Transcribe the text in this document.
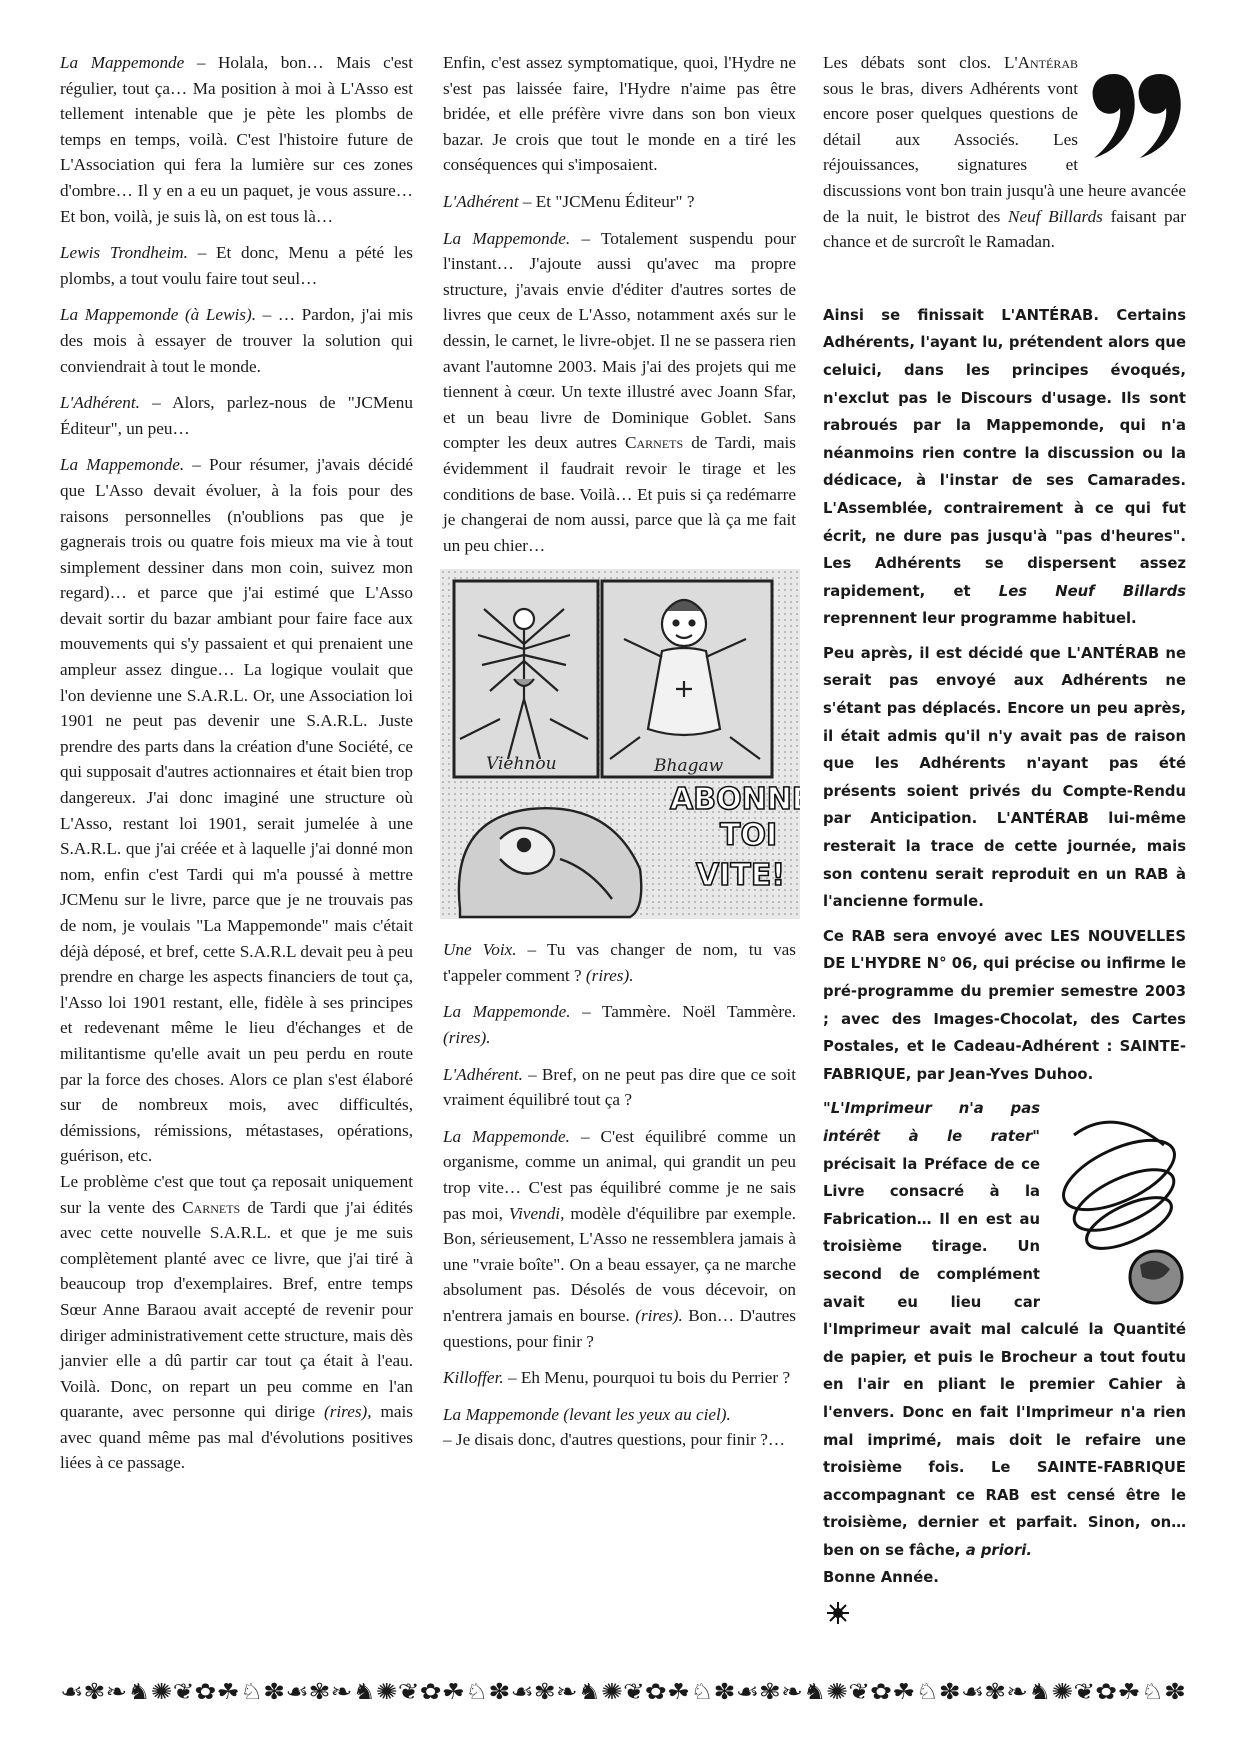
La Mappemonde – Holala, bon… Mais c'est régulier, tout ça… Ma position à moi à L'Asso est tellement intenable que je pète les plombs de temps en temps, voilà. C'est l'histoire future de L'Association qui fera la lumière sur ces zones d'ombre… Il y en a eu un paquet, je vous assure… Et bon, voilà, je suis là, on est tous là…

Lewis Trondheim. – Et donc, Menu a pété les plombs, a tout voulu faire tout seul…

La Mappemonde (à Lewis). – … Pardon, j'ai mis des mois à essayer de trouver la solution qui conviendrait à tout le monde.

L'Adhérent. – Alors, parlez-nous de "JCMenu Éditeur", un peu…

La Mappemonde. – Pour résumer, j'avais décidé que L'Asso devait évoluer, à la fois pour des raisons personnelles (n'oublions pas que je gagnerais trois ou quatre fois mieux ma vie à tout simplement dessiner dans mon coin, suivez mon regard)… et parce que j'ai estimé que L'Asso devait sortir du bazar ambiant pour faire face aux mouvements qui s'y passaient et qui prenaient une ampleur assez dingue… La logique voulait que l'on devienne une S.A.R.L. Or, une Association loi 1901 ne peut pas devenir une S.A.R.L. Juste prendre des parts dans la création d'une Société, ce qui supposait d'autres actionnaires et était bien trop dangereux. J'ai donc imaginé une structure où L'Asso, restant loi 1901, serait jumelée à une S.A.R.L. que j'ai créée et à laquelle j'ai donné mon nom, enfin c'est Tardi qui m'a poussé à mettre JCMenu sur le livre, parce que je ne trouvais pas de nom, je voulais "La Mappemonde" mais c'était déjà déposé, et bref, cette S.A.R.L devait peu à peu prendre en charge les aspects financiers de tout ça, l'Asso loi 1901 restant, elle, fidèle à ses principes et redevenant même le lieu d'échanges et de militantisme qu'elle avait un peu perdu en route par la force des choses. Alors ce plan s'est élaboré sur de nombreux mois, avec difficultés, démissions, rémissions, métastases, opérations, guérison, etc.

Le problème c'est que tout ça reposait uniquement sur la vente des Carnets de Tardi que j'ai édités avec cette nouvelle S.A.R.L. et que je me suis complètement planté avec ce livre, que j'ai tiré à beaucoup trop d'exemplaires. Bref, entre temps Sœur Anne Baraou avait accepté de revenir pour diriger administrativement cette structure, mais dès janvier elle a dû partir car tout ça était à l'eau. Voilà. Donc, on repart un peu comme en l'an quarante, avec personne qui dirige (rires), mais avec quand même pas mal d'évolutions positives liées à ce passage.

Enfin, c'est assez symptomatique, quoi, l'Hydre ne s'est pas laissée faire, l'Hydre n'aime pas être bridée, et elle préfère vivre dans son bon vieux bazar. Je crois que tout le monde en a tiré les conséquences qui s'imposaient.

L'Adhérent – Et "JCMenu Éditeur" ?

La Mappemonde. – Totalement suspendu pour l'instant… J'ajoute aussi qu'avec ma propre structure, j'avais envie d'éditer d'autres sortes de livres que ceux de L'Asso, notamment axés sur le dessin, le carnet, le livre-objet. Il ne se passera rien avant l'automne 2003. Mais j'ai des projets qui me tiennent à cœur. Un texte illustré avec Joann Sfar, et un beau livre de Dominique Goblet. Sans compter les deux autres Carnets de Tardi, mais évidemment il faudrait revoir le tirage et les conditions de base. Voilà… Et puis si ça redémarre je changerai de nom aussi, parce que là ça me fait un peu chier…

Viehnou	Bhagaw
ABONNE
TOI
VITE!

Une Voix. – Tu vas changer de nom, tu vas t'appeler comment ? (rires).

La Mappemonde. – Tammère. Noël Tammère. (rires).

L'Adhérent. – Bref, on ne peut pas dire que ce soit vraiment équilibré tout ça ?

La Mappemonde. – C'est équilibré comme un organisme, comme un animal, qui grandit un peu trop vite… C'est pas équilibré comme je ne sais pas moi, Vivendi, modèle d'équilibre par exemple. Bon, sérieusement, L'Asso ne ressemblera jamais à une "vraie boîte". On a beau essayer, ça ne marche absolument pas. Désolés de vous décevoir, on n'entrera jamais en bourse. (rires). Bon… D'autres questions, pour finir ?

Killoffer. – Eh Menu, pourquoi tu bois du Perrier ?

La Mappemonde (levant les yeux au ciel).

– Je disais donc, d'autres questions, pour finir ?…

Les débats sont clos. L'Antérab sous le bras, divers Adhérents vont encore poser quelques questions de détail aux Associés. Les réjouissances, signatures et discussions vont bon train jusqu'à une heure avancée de la nuit, le bistrot des Neuf Billards faisant par chance et de surcroît le Ramadan.

Ainsi se finissait L'ANTÉRAB. Certains Adhérents, l'ayant lu, prétendent alors que celuici, dans les principes évoqués, n'exclut pas le Discours d'usage. Ils sont rabroués par la Mappemonde, qui n'a néanmoins rien contre la discussion ou la dédicace, à l'instar de ses Camarades. L'Assemblée, contrairement à ce qui fut écrit, ne dure pas jusqu'à "pas d'heures". Les Adhérents se dispersent assez rapidement, et Les Neuf Billards reprennent leur programme habituel.

Peu après, il est décidé que L'ANTÉRAB ne serait pas envoyé aux Adhérents ne s'étant pas déplacés. Encore un peu après, il était admis qu'il n'y avait pas de raison que les Adhérents n'ayant pas été présents soient privés du Compte-Rendu par Anticipation. L'ANTÉRAB lui-même resterait la trace de cette journée, mais son contenu serait reproduit en un RAB à l'ancienne formule.

Ce RAB sera envoyé avec LES NOUVELLES DE L'HYDRE N° 06, qui précise ou infirme le pré-programme du premier semestre 2003 ; avec des Images-Chocolat, des Cartes Postales, et le Cadeau-Adhérent : SAINTE-FABRIQUE, par Jean-Yves Duhoo.

"L'Imprimeur n'a pas intérêt à le rater" précisait la Préface de ce Livre consacré à la Fabrication… Il en est au troisième tirage. Un second de complément avait eu lieu car l'Imprimeur avait mal calculé la Quantité de papier, et puis le Brocheur a tout foutu en l'air en pliant le premier Cahier à l'envers. Donc en fait l'Imprimeur n'a rien mal imprimé, mais doit le refaire une troisième fois. Le SAINTE-FABRIQUE accompagnant ce RAB est censé être le troisième, dernier et parfait. Sinon, on… ben on se fâche, a priori.
Bonne Année.

☙✾❧♞✺❦✿☘♘✽☙✾❧♞✺❦✿☘♘✽☙✾❧♞✺❦✿☘♘✽☙✾❧♞✺❦✿☘♘✽☙✾❧♞✺❦✿☘♘✽
